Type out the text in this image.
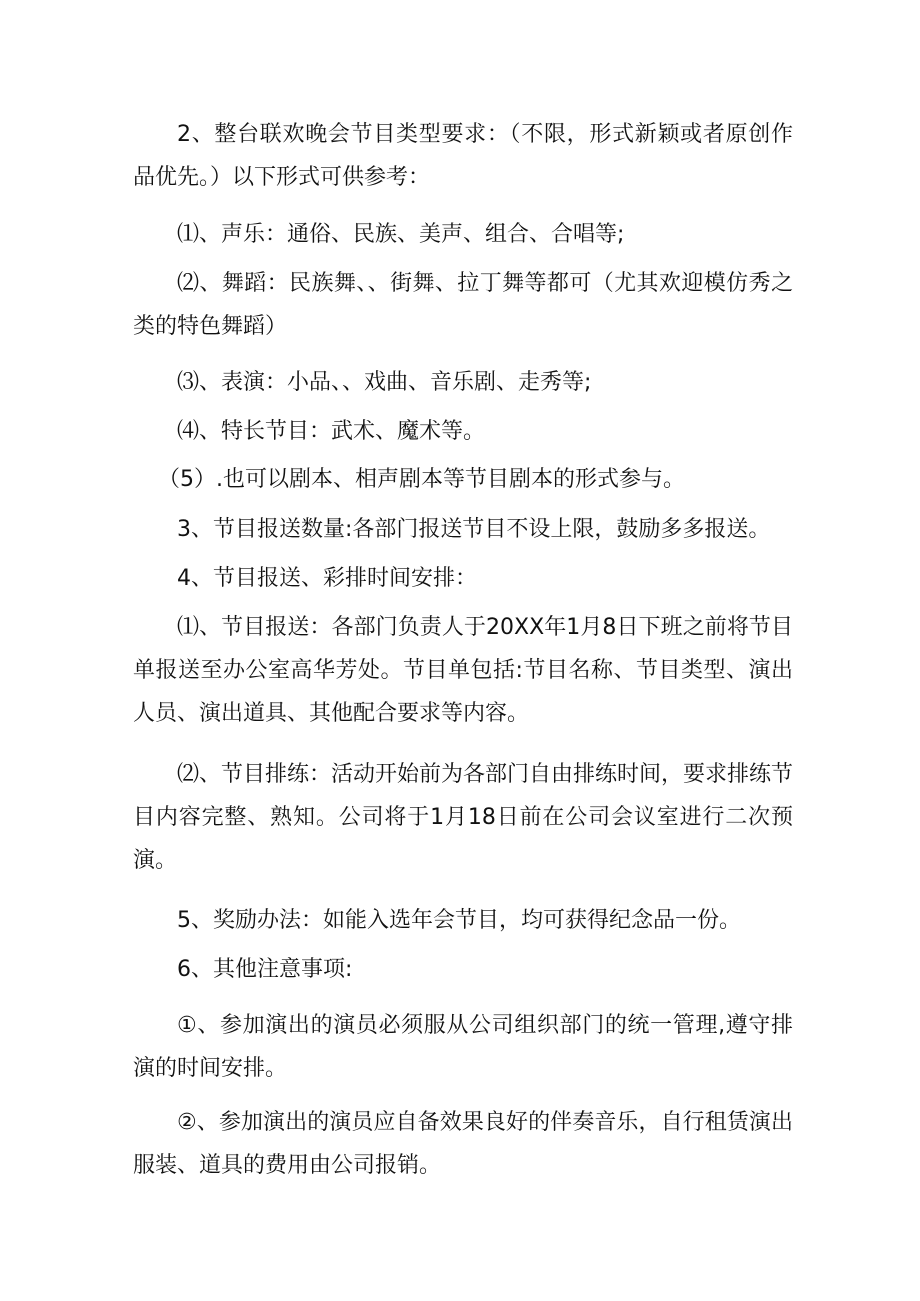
2、整台联欢晚会节目类型要求：（不限，形式新颖或者原创作品优先。）以下形式可供参考：

⑴、声乐：通俗、民族、美声、组合、合唱等;

⑵、舞蹈：民族舞、、街舞、拉丁舞等都可（尤其欢迎模仿秀之类的特色舞蹈）

⑶、表演：小品、、戏曲、音乐剧、走秀等;

⑷、特长节目：武术、魔术等。

（5）.也可以剧本、相声剧本等节目剧本的形式参与。

3、节目报送数量:各部门报送节目不设上限，鼓励多多报送。

4、节目报送、彩排时间安排：

⑴、节目报送：各部门负责人于20XX年1月8日下班之前将节目单报送至办公室高华芳处。节目单包括:节目名称、节目类型、演出人员、演出道具、其他配合要求等内容。

⑵、节目排练：活动开始前为各部门自由排练时间，要求排练节目内容完整、熟知。公司将于1月18日前在公司会议室进行二次预演。

5、奖励办法：如能入选年会节目，均可获得纪念品一份。

6、其他注意事项:

①、参加演出的演员必须服从公司组织部门的统一管理,遵守排演的时间安排。

②、参加演出的演员应自备效果良好的伴奏音乐，自行租赁演出服装、道具的费用由公司报销。
